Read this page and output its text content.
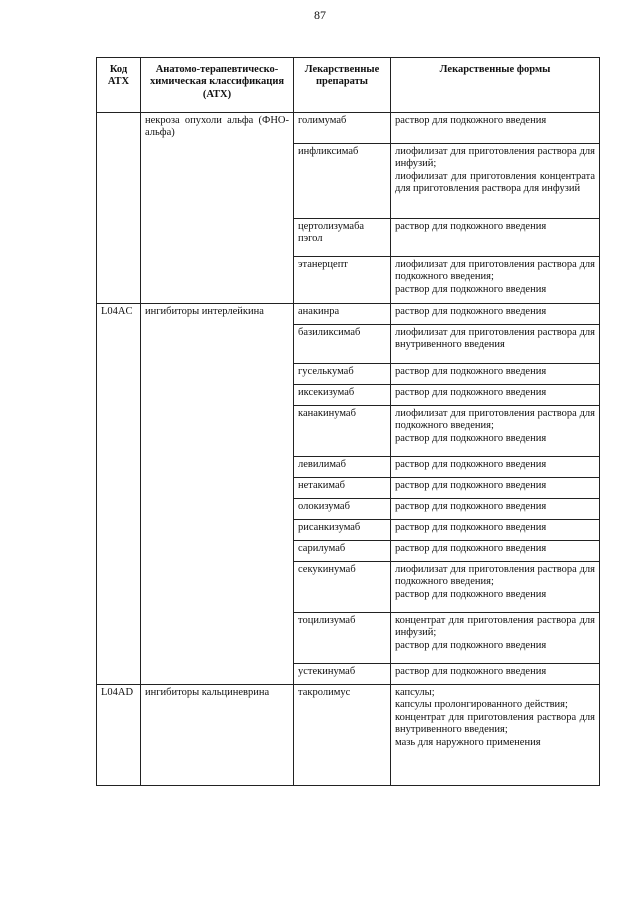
87
Код АТХ	Анатомо-терапевтическо-химическая классификация (АТХ)	Лекарственные препараты	Лекарственные формы
	некроза опухоли альфа (ФНО-альфа)	голимумаб	раствор для подкожного введения

		инфликсимаб	лиофилизат для приготовления раствора для инфузий;
лиофилизат для приготовления концентрата для приготовления раствора для инфузий

		цертолизумаба пэгол	раствор для подкожного введения

		этанерцепт	лиофилизат для приготовления раствора для подкожного введения;
раствор для подкожного введения

L04AC	ингибиторы интерлейкина	анакинра	раствор для подкожного введения

		базиликсимаб	лиофилизат для приготовления раствора для внутривенного введения

		гуселькумаб	раствор для подкожного введения

		иксекизумаб	раствор для подкожного введения

		канакинумаб	лиофилизат для приготовления раствора для подкожного введения;
раствор для подкожного введения

		левилимаб	раствор для подкожного введения

		нетакимаб	раствор для подкожного введения

		олокизумаб	раствор для подкожного введения

		рисанкизумаб	раствор для подкожного введения

		сарилумаб	раствор для подкожного введения

		секукинумаб	лиофилизат для приготовления раствора для подкожного введения;
раствор для подкожного введения

		тоцилизумаб	концентрат для приготовления раствора для инфузий;
раствор для подкожного введения

		устекинумаб	раствор для подкожного введения

L04AD	ингибиторы кальциневрина	такролимус	капсулы;
капсулы пролонгированного действия;
концентрат для приготовления раствора для внутривенного введения;
мазь для наружного применения
